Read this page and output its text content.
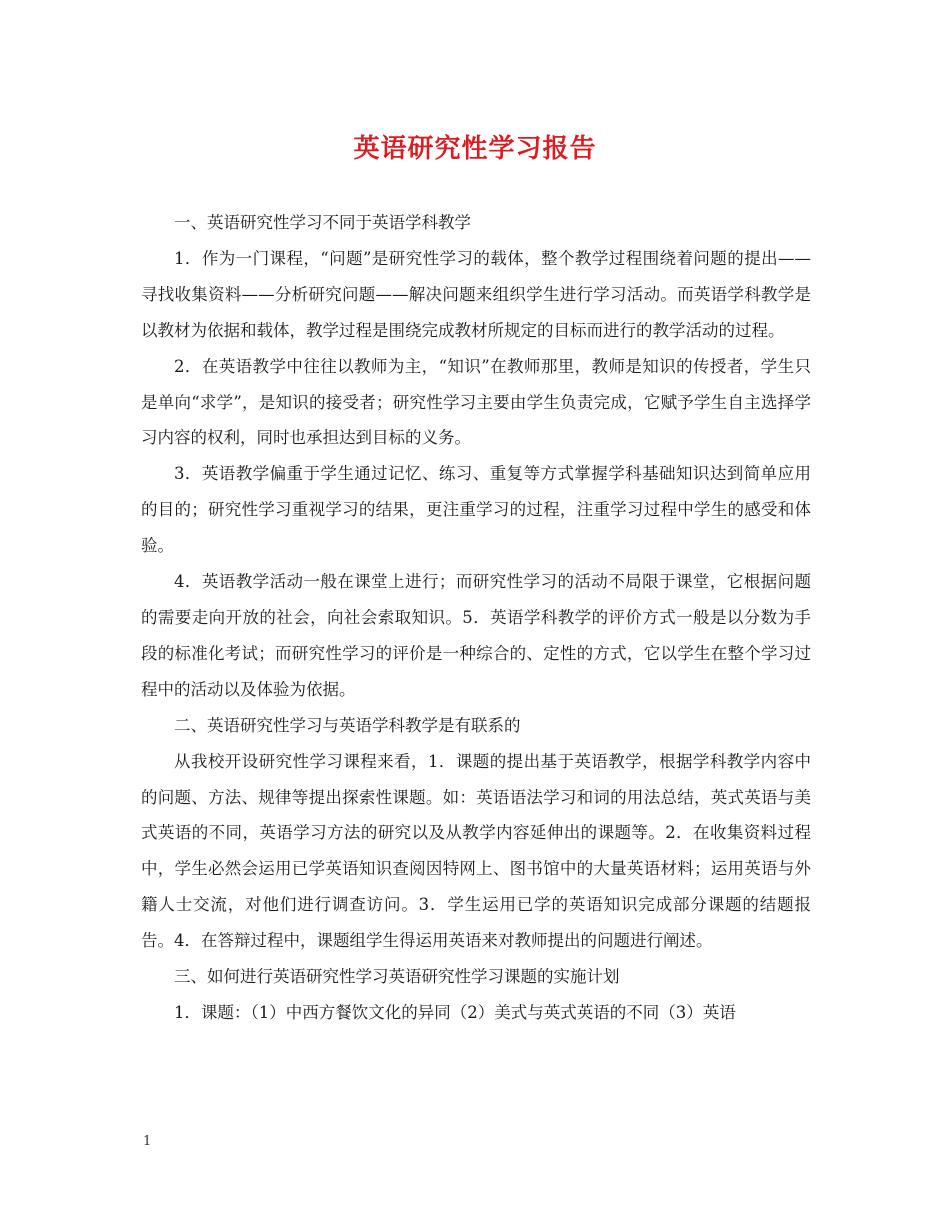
英语研究性学习报告

一、英语研究性学习不同于英语学科教学

1．作为一门课程，“问题”是研究性学习的载体，整个教学过程围绕着问题的提出——寻找收集资料——分析研究问题——解决问题来组织学生进行学习活动。而英语学科教学是以教材为依据和载体，教学过程是围绕完成教材所规定的目标而进行的教学活动的过程。

2．在英语教学中往往以教师为主，“知识”在教师那里，教师是知识的传授者，学生只是单向“求学”，是知识的接受者；研究性学习主要由学生负责完成，它赋予学生自主选择学习内容的权利，同时也承担达到目标的义务。

3．英语教学偏重于学生通过记忆、练习、重复等方式掌握学科基础知识达到简单应用的目的；研究性学习重视学习的结果，更注重学习的过程，注重学习过程中学生的感受和体验。

4．英语教学活动一般在课堂上进行；而研究性学习的活动不局限于课堂，它根据问题的需要走向开放的社会，向社会索取知识。5．英语学科教学的评价方式一般是以分数为手段的标准化考试；而研究性学习的评价是一种综合的、定性的方式，它以学生在整个学习过程中的活动以及体验为依据。

二、英语研究性学习与英语学科教学是有联系的

从我校开设研究性学习课程来看，1．课题的提出基于英语教学，根据学科教学内容中的问题、方法、规律等提出探索性课题。如：英语语法学习和词的用法总结，英式英语与美式英语的不同，英语学习方法的研究以及从教学内容延伸出的课题等。2．在收集资料过程中，学生必然会运用已学英语知识查阅因特网上、图书馆中的大量英语材料；运用英语与外籍人士交流，对他们进行调查访问。3．学生运用已学的英语知识完成部分课题的结题报告。4．在答辩过程中，课题组学生得运用英语来对教师提出的问题进行阐述。

三、如何进行英语研究性学习英语研究性学习课题的实施计划

1．课题：（1）中西方餐饮文化的异同（2）美式与英式英语的不同（3）英语

1
